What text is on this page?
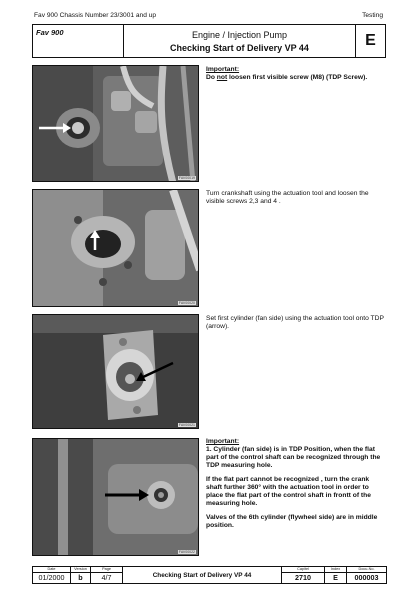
Fav 900 Chassis Number 23/3001 and up	Testing
Fav 900	Engine / Injection Pump
Checking Start of Delivery VP 44	E
FAV00019

Important:
Do not loosen first visible screw (M8) (TDP Screw).

FAV00020

Turn crankshaft using the actuation tool and loosen the visible screws 2,3 and 4 .

FAV00021

Set first cylinder (fan side) using the actuation tool onto TDP (arrow).

FAV00022

Important:
1. Cylinder (fan side) is in TDP Position, when the flat part of the control shaft can be recognized through the TDP measuring hole.

If the flat part cannot be recognized , turn the crank shaft further 360° with the actuation tool in order to place the flat part of the control shaft in frontt of the measuring hole.

Valves of the 6th cylinder (flywheel side) are in middle position.

Date	Version	Page	Checking Start of Delivery VP 44	Capitel	Index	Docu-No.
01/2000	b	4/7		2710	E	000003
